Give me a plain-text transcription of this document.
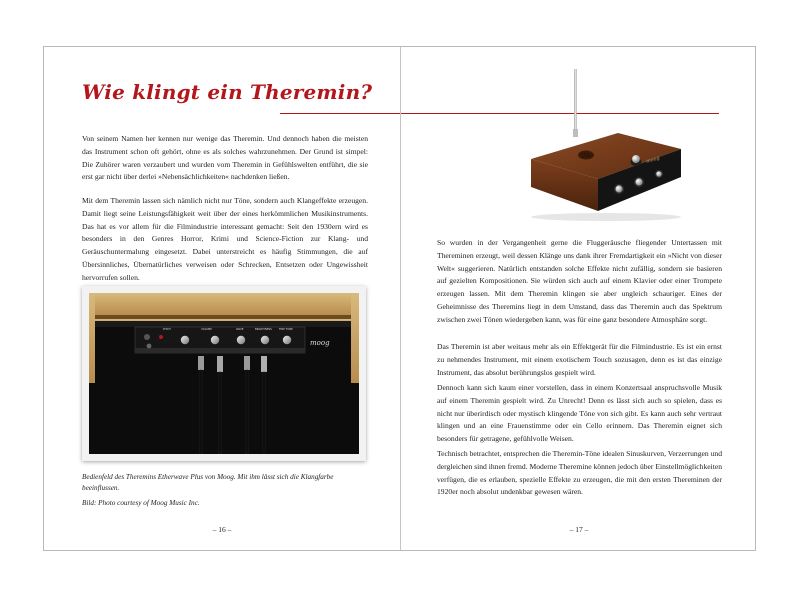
Wie klingt ein Theremin?

Von seinem Namen her kennen nur wenige das Theremin. Und dennoch haben die meisten das Instrument schon oft gehört, ohne es als solches wahrzunehmen. Der Grund ist simpel: Die Zuhörer waren verzaubert und wurden vom Theremin in Gefühlswelten entführt, die sie erst gar nicht über derlei »Nebensächlichkeiten« nachdenken ließen.

Mit dem Theremin lassen sich nämlich nicht nur Töne, sondern auch Klangeffekte erzeugen. Damit liegt seine Leistungsfähigkeit weit über der eines herkömmlichen Musikinstruments. Das hat es vor allem für die Filmindustrie interessant gemacht: Seit den 1930ern wird es besonders in den Genres Horror, Krimi und Science-Fiction zur Klang- und Geräuschuntermalung eingesetzt. Dabei unterstreicht es häufig Stimmungen, die auf Übersinnliches, Übernatürliches verweisen oder Schrecken, Entsetzen oder Ungewissheit hervorrufen sollen.

PITCH	VOLUME	WAVE	BRIGHTNESS	FINE TUNE
moog

Bedienfeld des Theremins Etherwave Plus von Moog. Mit ihm lässt sich die Klangfarbe beeinflussen.

Bild: Photo courtesy of Moog Music Inc.

– 16 –

moog

So wurden in der Vergangenheit gerne die Fluggeräusche fliegender Untertassen mit Thereminen erzeugt, weil dessen Klänge uns dank ihrer Fremdartigkeit ein »Nicht von dieser Welt« suggerieren. Natürlich entstanden solche Effekte nicht zufällig, sondern sie basieren auf gezielten Kompositionen. Sie würden sich auch auf einem Klavier oder einer Trompete erzeugen lassen. Mit dem Theremin klingen sie aber ungleich schauriger. Eines der Geheimnisse des Theremins liegt in dem Umstand, dass das Theremin auch das Spektrum zwischen zwei Tönen wiedergeben kann, was für eine ganz besondere Atmosphäre sorgt.

Das Theremin ist aber weitaus mehr als ein Effektgerät für die Filmindustrie. Es ist ein ernst zu nehmendes Instrument, mit einem exotischem Touch sozusagen, denn es ist das einzige Instrument, das absolut berührungslos gespielt wird.

Dennoch kann sich kaum einer vorstellen, dass in einem Konzertsaal anspruchsvolle Musik auf einem Theremin gespielt wird. Zu Unrecht! Denn es lässt sich auch so spielen, dass es nicht nur überirdisch oder mystisch klingende Töne von sich gibt. Es kann auch sehr vertraut klingen und an eine Frauenstimme oder ein Cello erinnern. Das Theremin eignet sich besonders für getragene, gefühlvolle Weisen.

Technisch betrachtet, entsprechen die Theremin-Töne idealen Sinuskurven, Verzerrungen und dergleichen sind ihnen fremd. Moderne Theremine können jedoch über Einstellmöglichkeiten verfügen, die es erlauben, spezielle Effekte zu erzeugen, die mit den ersten Thereminen der 1920er noch absolut undenkbar gewesen wären.

– 17 –
